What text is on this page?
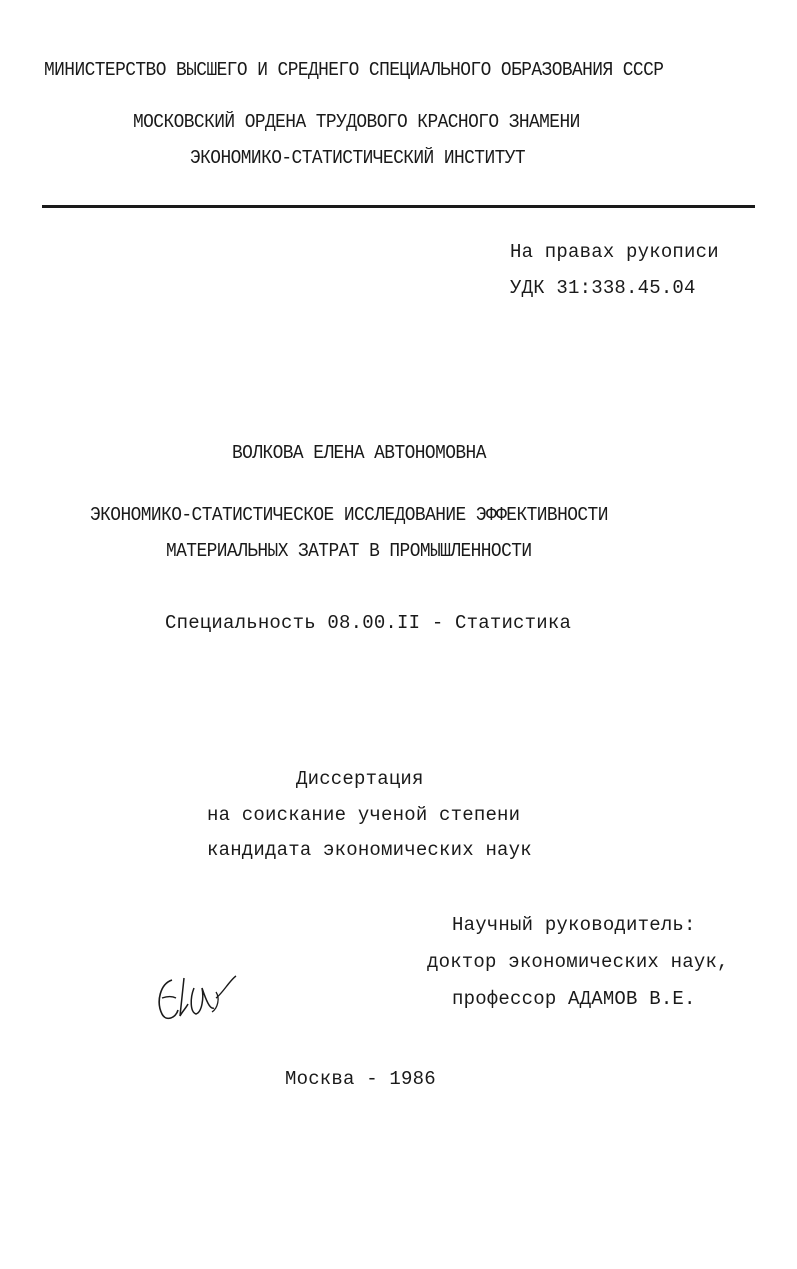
МИНИСТЕРСТВО ВЫСШЕГО И СРЕДНЕГО СПЕЦИАЛЬНОГО ОБРАЗОВАНИЯ СССР
МОСКОВСКИЙ ОРДЕНА ТРУДОВОГО КРАСНОГО ЗНАМЕНИ
ЭКОНОМИКО-СТАТИСТИЧЕСКИЙ ИНСТИТУТ
На правах рукописи
УДК 31:338.45.04
ВОЛКОВА ЕЛЕНА АВТОНОМОВНА
ЭКОНОМИКО-СТАТИСТИЧЕСКОЕ ИССЛЕДОВАНИЕ ЭФФЕКТИВНОСТИ
МАТЕРИАЛЬНЫХ ЗАТРАТ В ПРОМЫШЛЕННОСТИ
Специальность 08.00.II - Статистика
Диссертация
на соискание ученой степени
кандидата экономических наук
Научный руководитель:
доктор экономических наук,
профессор АДАМОВ В.Е.
Москва - 1986
